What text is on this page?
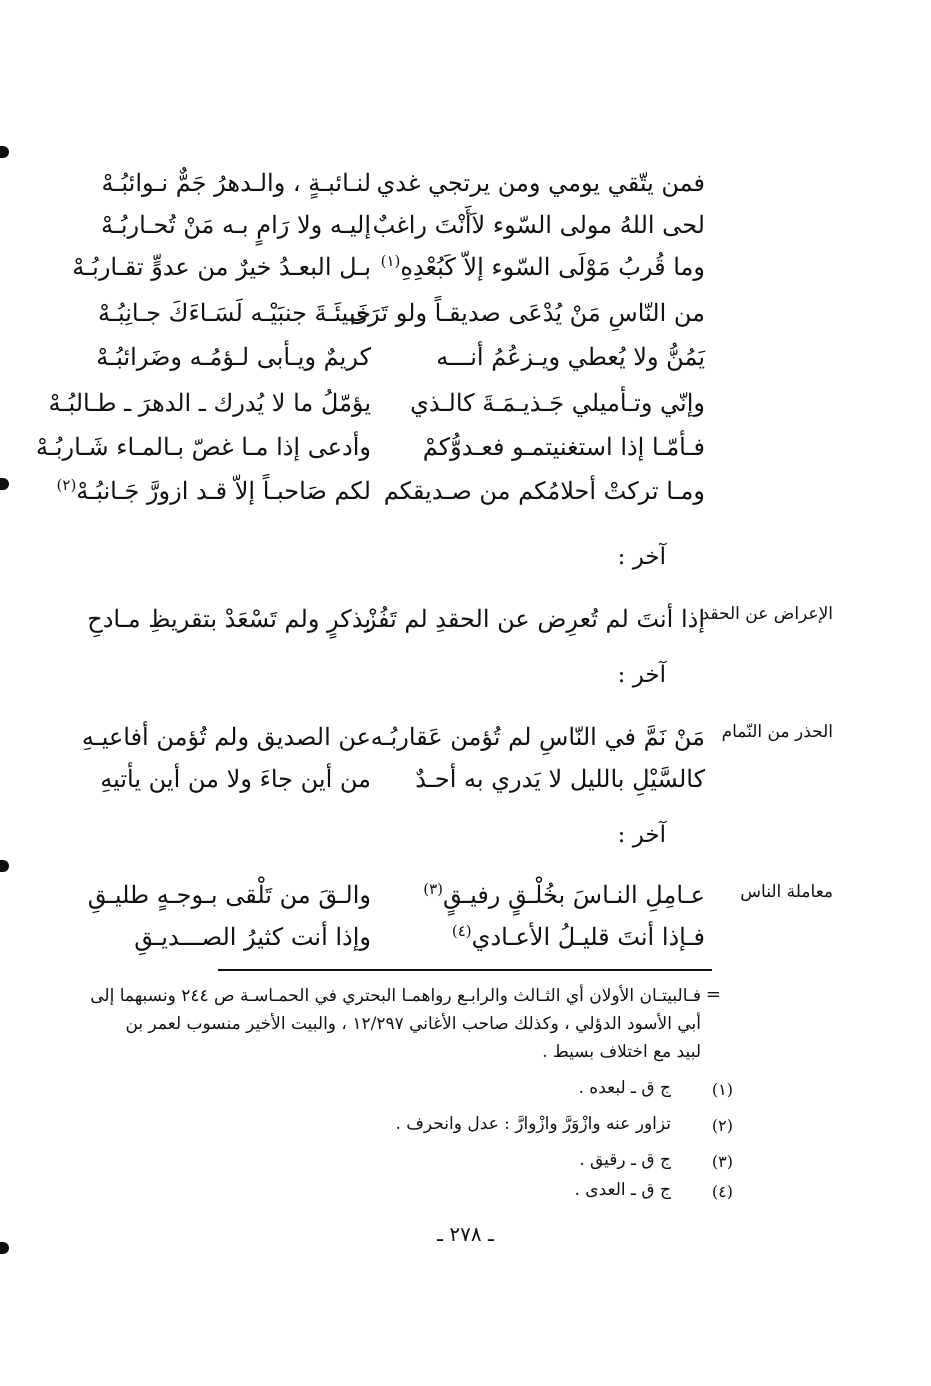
فمن يتّقي يومي ومن يرتجي غدي
لنـائبـةٍ ، والـدهرُ جَمٌّ نـوائبُـهْ
لحى اللهُ مولى السّوء لاَأَنْتَ راغبٌ
إليـه ولا رَامٍ بـه مَنْ تُحـاربُـهْ
وما قُربُ مَوْلَى السّوء إلاّ كَبُعْدِهِ$^{(١)}$
بـل البعـدُ خيرٌ من عدوٍّ تقـاربُـهْ
من النّاسِ مَنْ يُدْعَى صديقـاً ولو تَرَى
خَبيئَـةَ جنبَيْـه لَسَـاءَكَ جـانِبُـهْ
يَمُنُّ ولا يُعطي ويـزعُمُ أنـــه
كريمٌ ويـأبى لـؤمُـه وضَرائبُـهْ
وإنّي وتـأميلي جَـذيـمَـةَ كالـذي
يؤمّلُ ما لا يُدرك ـ الدهرَ ـ طـالبُـهْ
فـأمّـا إذا استغنيتمـو فعـدوُّكمْ
وأدعى إذا مـا غصّ بـالمـاء شَـاربُـهْ
ومـا تركتْ أحلامُكم من صـديقكم
لكم صَاحبـاً إلاّ قـد ازورَّ جَـانبُـهْ$^{(٢)}$
آخر :
الإعراض عن الحقد
إذا أنتَ لم تُعرِض عن الحقدِ لم تَفُزْ
بذكرٍ ولم تَسْعَدْ بتقريظِ مـادحِ
آخر :
الحذر من النّمام
مَنْ نَمَّ في النّاسِ لم تُؤمن عَقاربُـه
عن الصديق ولم تُؤمن أفاعيـهِ
كالسَّيْلِ بالليل لا يَدري به أحـدٌ
من أين جاءَ ولا من أين يأتيهِ
آخر :
معاملة الناس
عـامِلِ النـاسَ بخُلْـقٍ رفيـقٍ$^{(٣)}$
والـقَ من تَلْقى بـوجـهٍ طليـقِ
فـإذا أنتَ قليـلُ الأعـادي$^{(٤)}$
وإذا أنت كثيرُ الصـــديـقِ
=
فـالبيتـان الأولان أي الثـالث والرابـع رواهمـا البحتري في الحمـاسـة ص ٢٤٤ ونسبهما إلى
أبي الأسود الدؤلي ، وكذلك صاحب الأغاني ١٢/٢٩٧ ، والبيت الأخير منسوب لعمر بن
لبيد مع اختلاف بسيط .
(١)
ج ق ـ لبعده .
(٢)
تزاور عنه وازْوَرَّ وازْوارَّ : عدل وانحرف .
(٣)
ج ق ـ رقيق .
(٤)
ج ق ـ العدى .
ـ ٢٧٨ ـ
